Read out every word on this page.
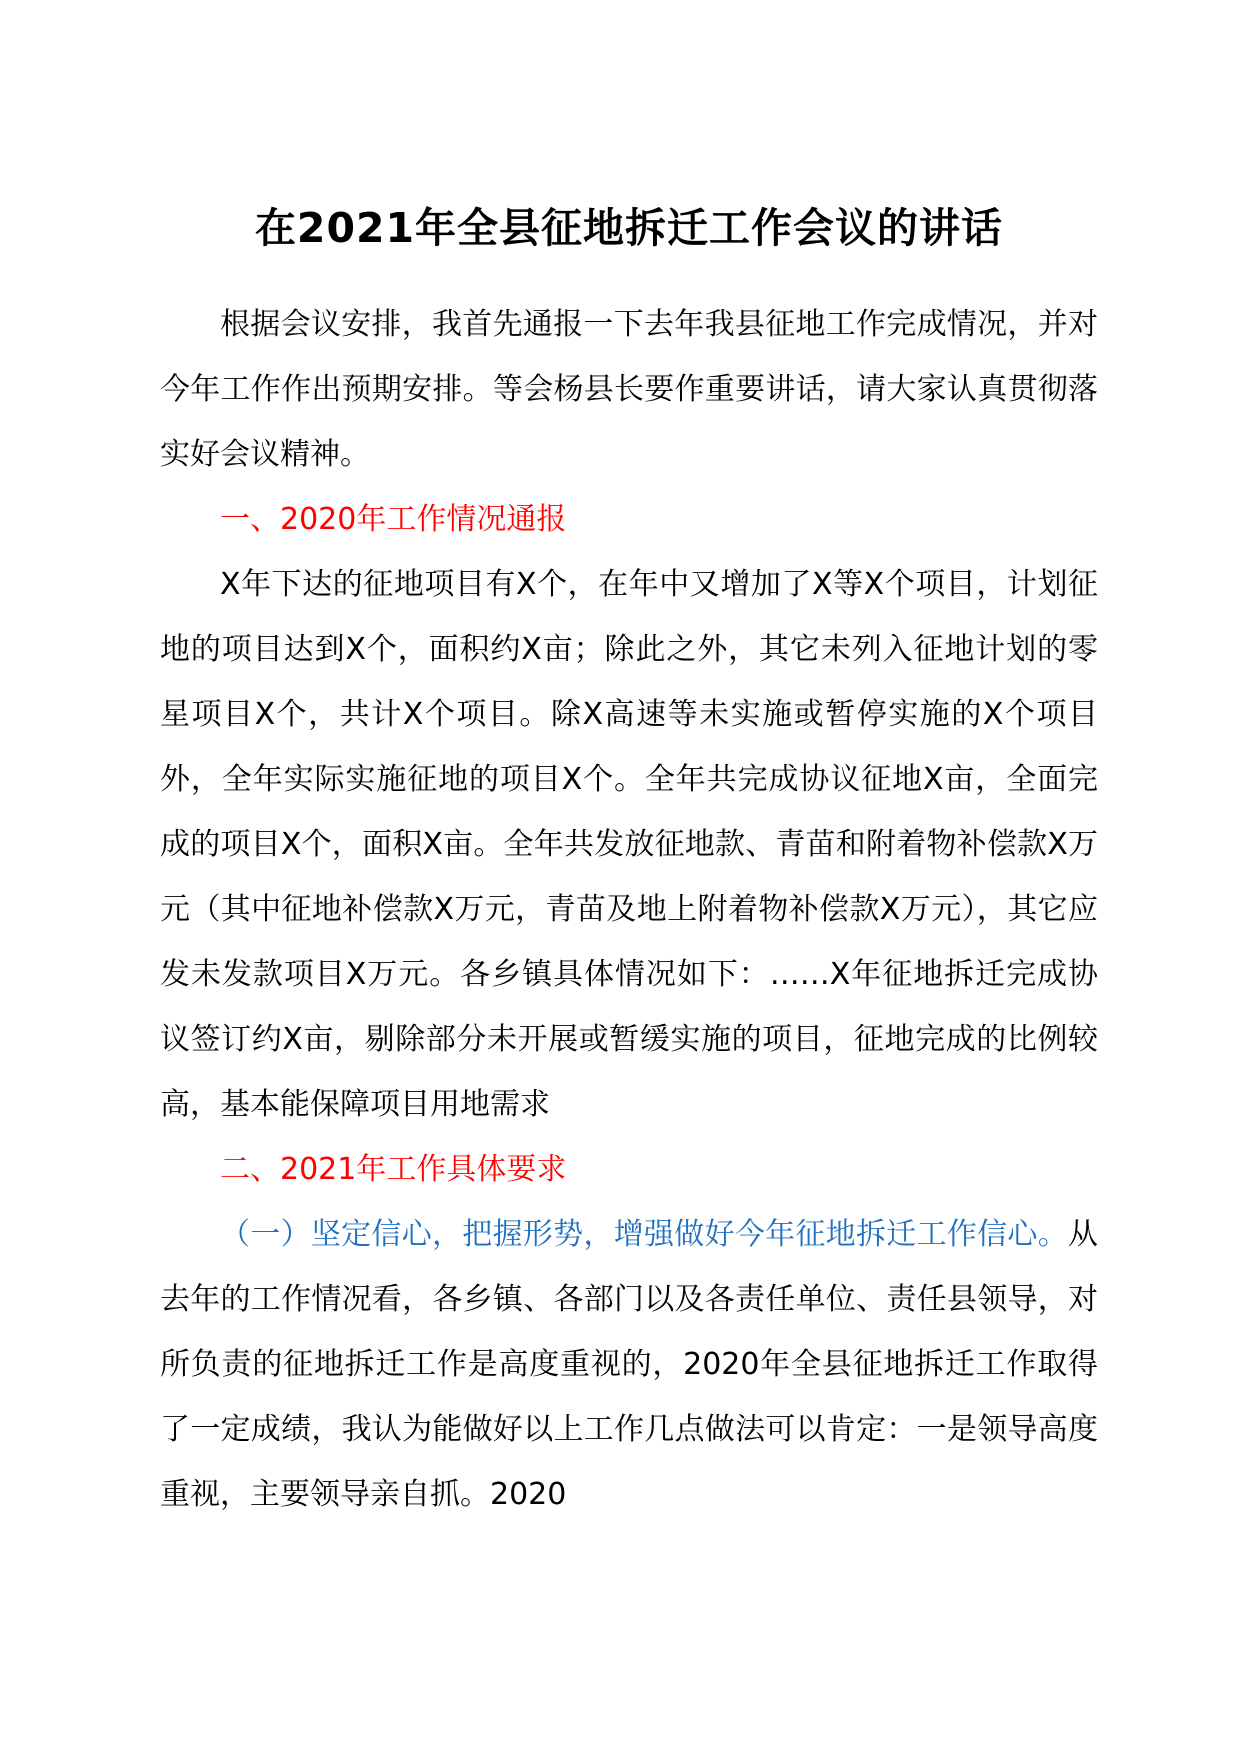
在2021年全县征地拆迁工作会议的讲话

根据会议安排，我首先通报一下去年我县征地工作完成情况，并对今年工作作出预期安排。等会杨县长要作重要讲话，请大家认真贯彻落实好会议精神。

一、2020年工作情况通报

X年下达的征地项目有X个，在年中又增加了X等X个项目，计划征地的项目达到X个，面积约X亩；除此之外，其它未列入征地计划的零星项目X个，共计X个项目。除X高速等未实施或暂停实施的X个项目外，全年实际实施征地的项目X个。全年共完成协议征地X亩，全面完成的项目X个，面积X亩。全年共发放征地款、青苗和附着物补偿款X万元（其中征地补偿款X万元，青苗及地上附着物补偿款X万元），其它应发未发款项目X万元。各乡镇具体情况如下：……X年征地拆迁完成协议签订约X亩，剔除部分未开展或暂缓实施的项目，征地完成的比例较高，基本能保障项目用地需求

二、2021年工作具体要求

（一）坚定信心，把握形势，增强做好今年征地拆迁工作信心。从去年的工作情况看，各乡镇、各部门以及各责任单位、责任县领导，对所负责的征地拆迁工作是高度重视的，2020年全县征地拆迁工作取得了一定成绩，我认为能做好以上工作几点做法可以肯定：一是领导高度重视，主要领导亲自抓。2020
